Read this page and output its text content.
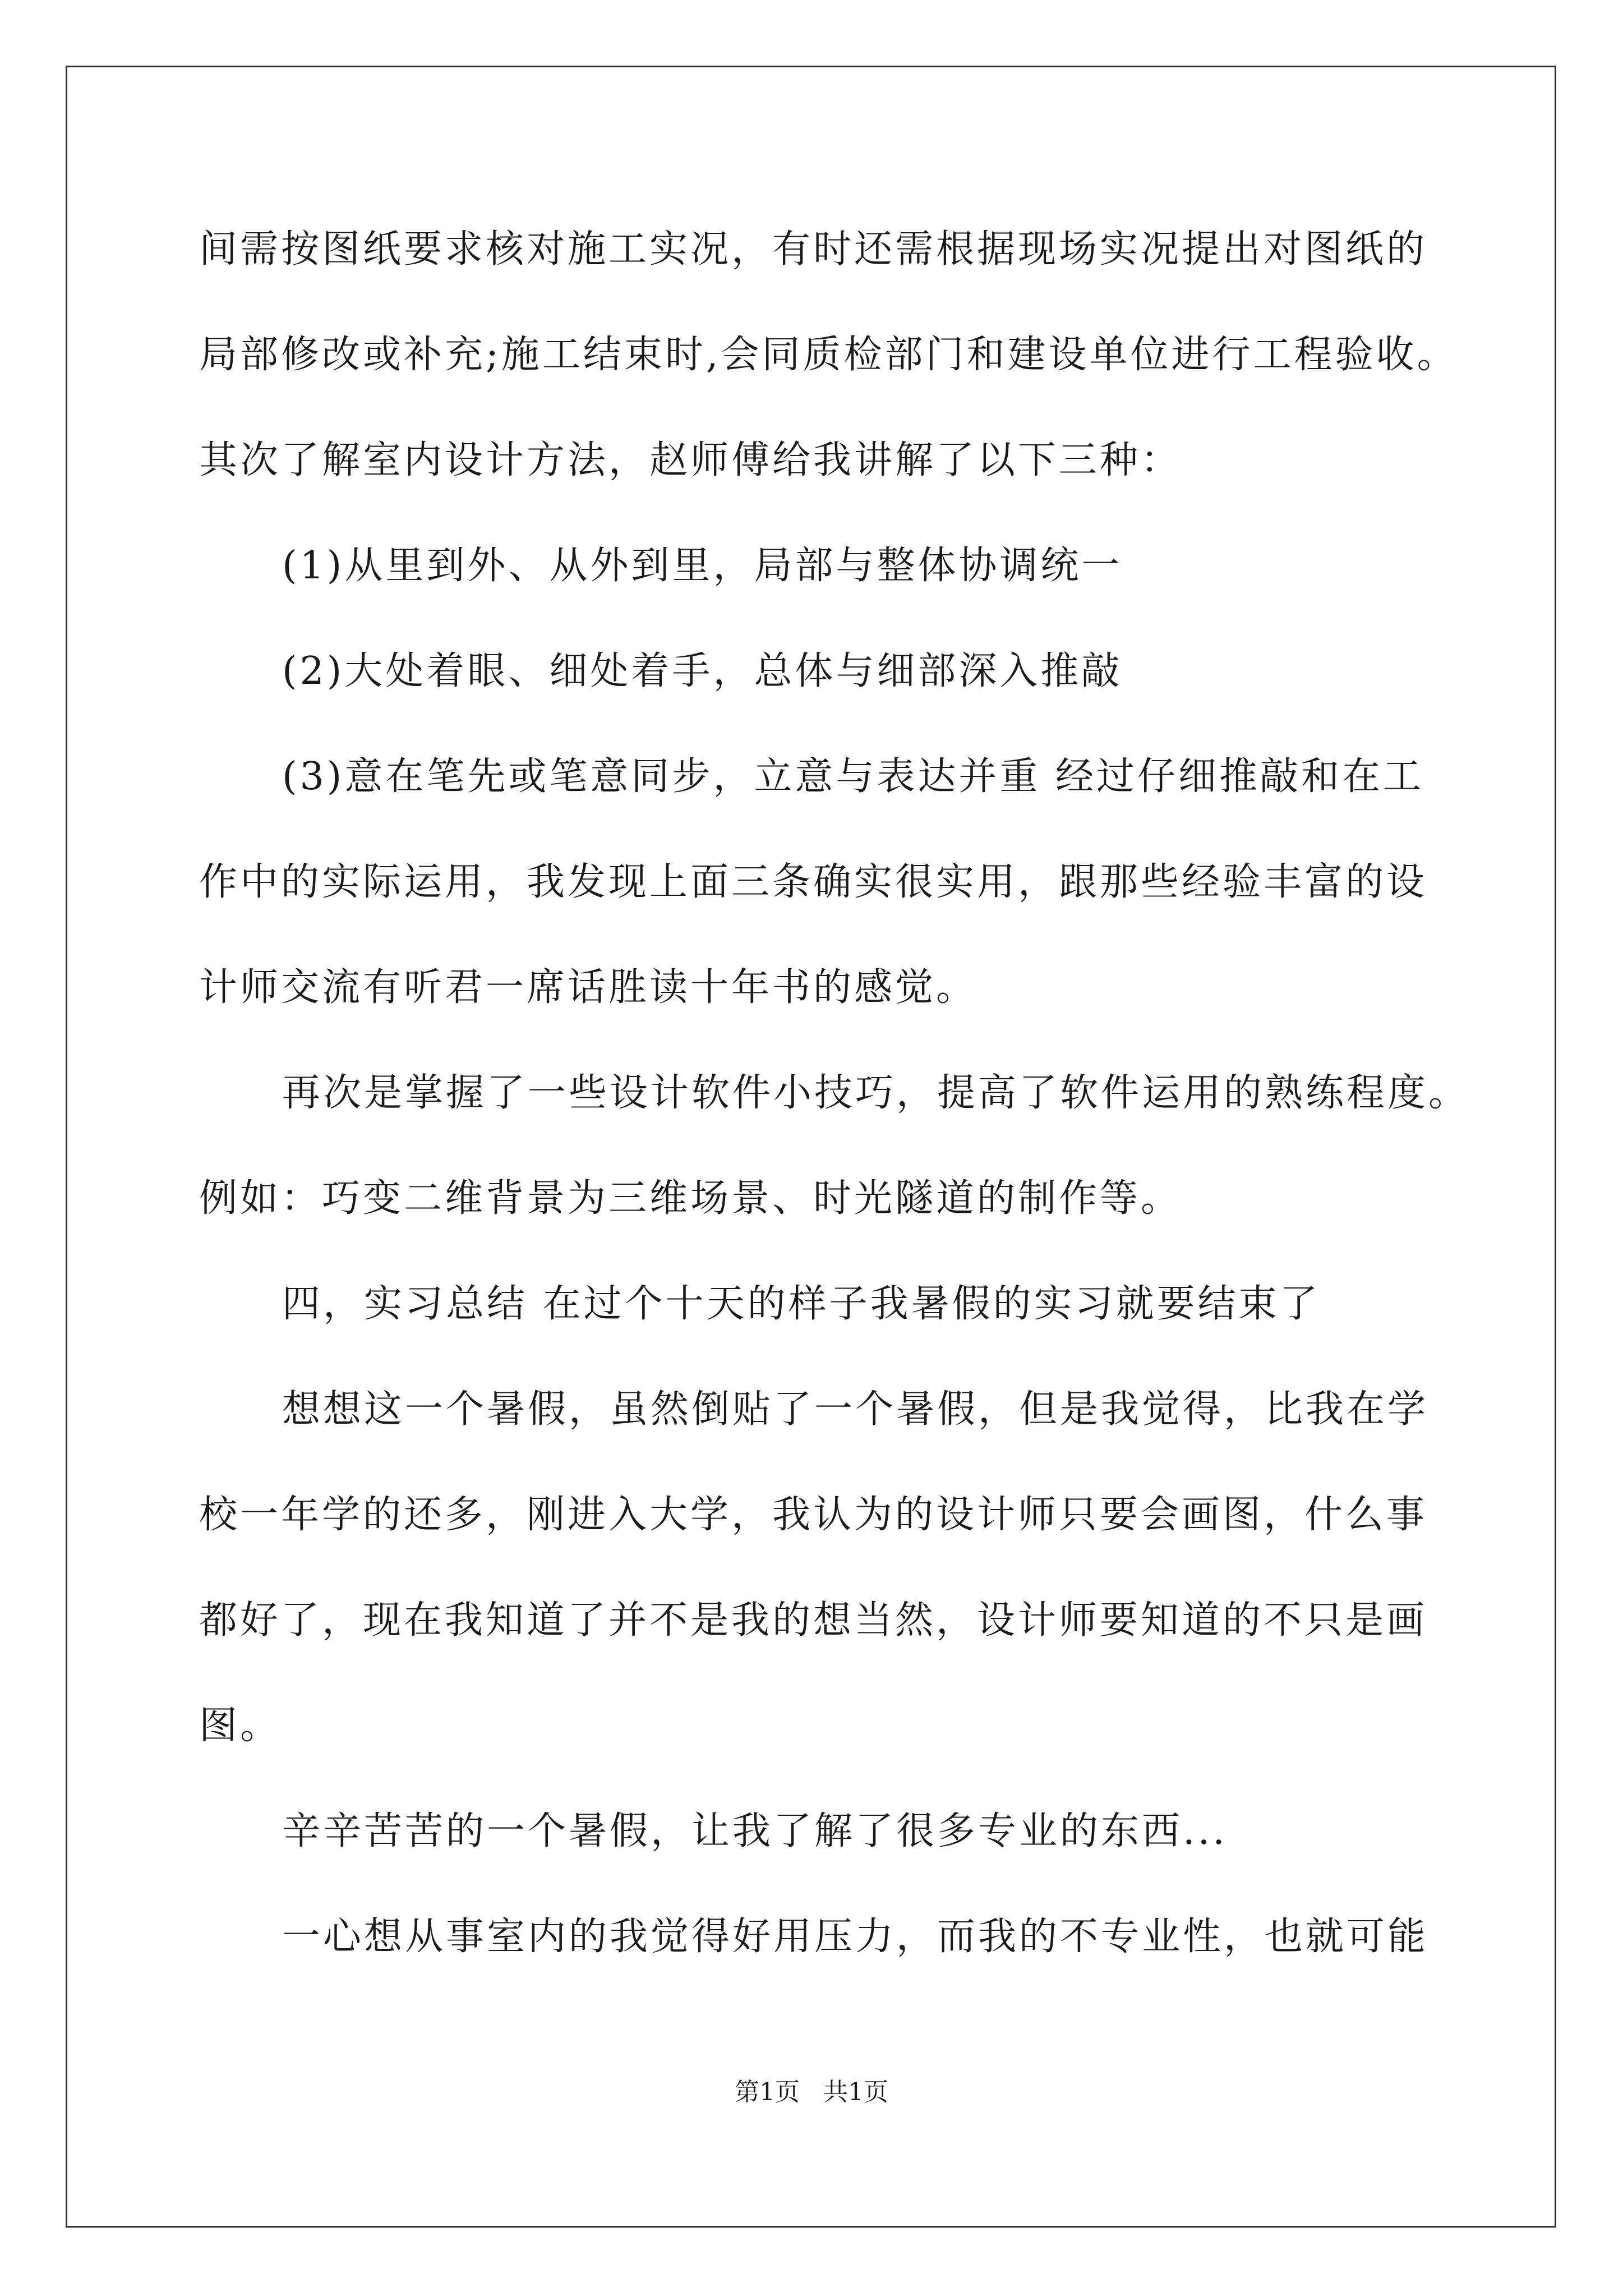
间需按图纸要求核对施工实况，有时还需根据现场实况提出对图纸的
局部修改或补充;施工结束时,会同质检部门和建设单位进行工程验收。
其次了解室内设计方法，赵师傅给我讲解了以下三种：
(1)从里到外、从外到里，局部与整体协调统一
(2)大处着眼、细处着手，总体与细部深入推敲
(3)意在笔先或笔意同步，立意与表达并重 经过仔细推敲和在工
作中的实际运用，我发现上面三条确实很实用，跟那些经验丰富的设
计师交流有听君一席话胜读十年书的感觉。
再次是掌握了一些设计软件小技巧，提高了软件运用的熟练程度。
例如：巧变二维背景为三维场景、时光隧道的制作等。
四，实习总结 在过个十天的样子我暑假的实习就要结束了
想想这一个暑假，虽然倒贴了一个暑假，但是我觉得，比我在学
校一年学的还多，刚进入大学，我认为的设计师只要会画图，什么事
都好了，现在我知道了并不是我的想当然，设计师要知道的不只是画
图。
辛辛苦苦的一个暑假，让我了解了很多专业的东西...
一心想从事室内的我觉得好用压力，而我的不专业性，也就可能
第1页   共1页
